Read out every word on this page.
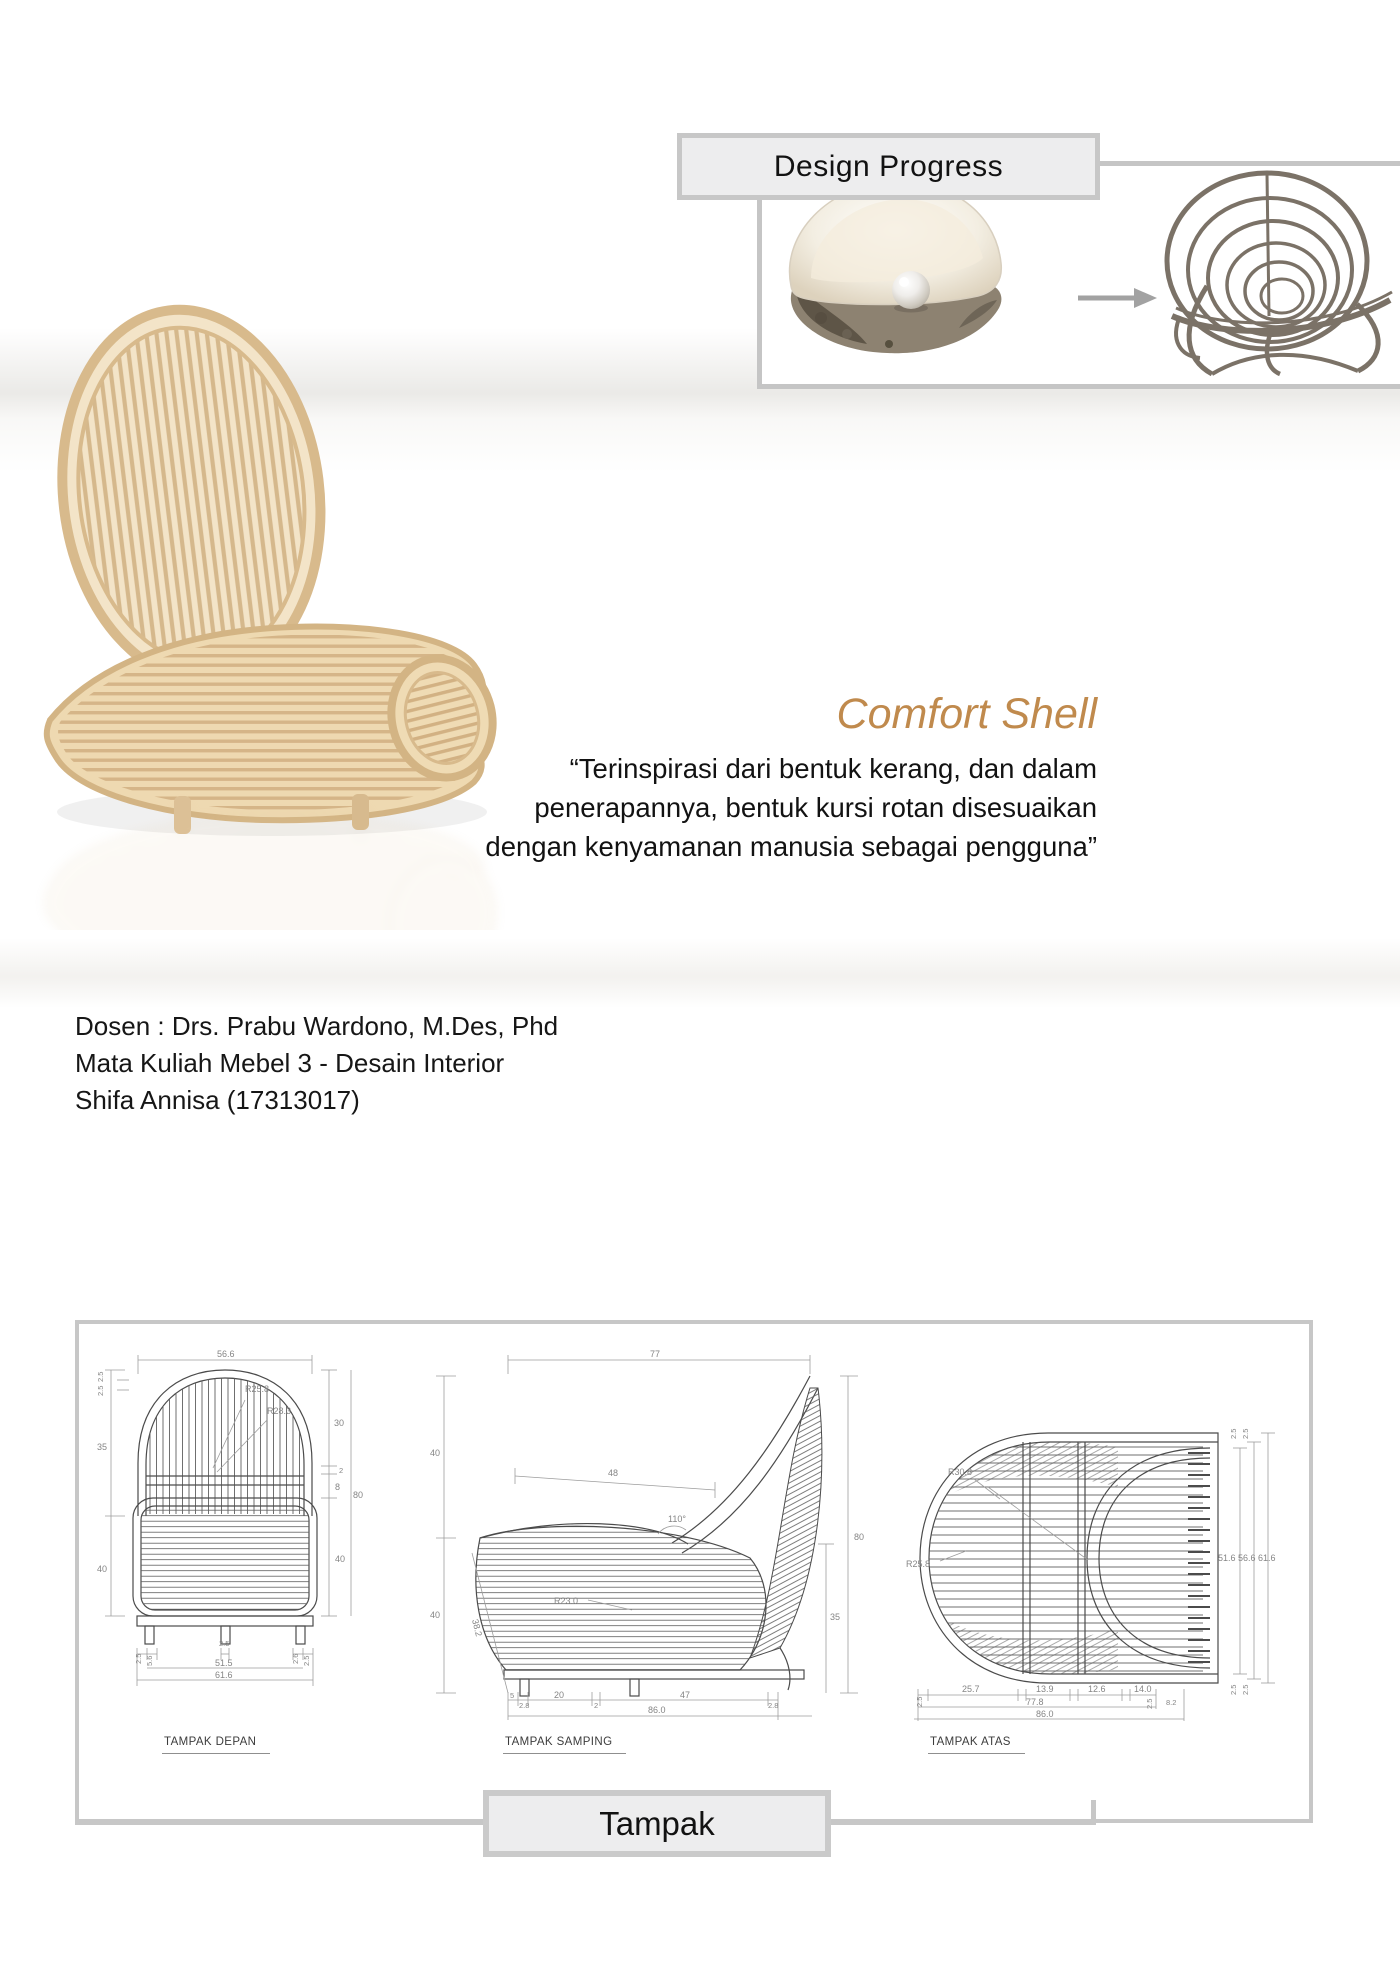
Design Progress
Comfort Shell
“Terinspirasi dari bentuk kerang, dan dalam
penerapannya, bentuk kursi rotan disesuaikan
dengan kenyamanan manusia sebagai pengguna”
Dosen : Drs. Prabu Wardono, M.Des, Phd
Mata Kuliah Mebel 3 - Desain Interior
Shifa Annisa (17313017)
56.6
R25.8
R28.3
2.5
2.5
35
40
30
2
8
40
80
2.5 5.6
2.5
2.6 2.5
51.5
61.6
77
38.2
48
110°
R23.0
40
40
80
35
5
2.8
20
2
47
2.8
86.0
R30.8
R25.8
2.5 2.5
51.6 56.6 61.6
2.5 2.5
2.5
25.7	13.9	12.6	14.0
2.5 8.2
77.8
86.0
TAMPAK DEPAN	TAMPAK SAMPING	TAMPAK ATAS
Tampak
